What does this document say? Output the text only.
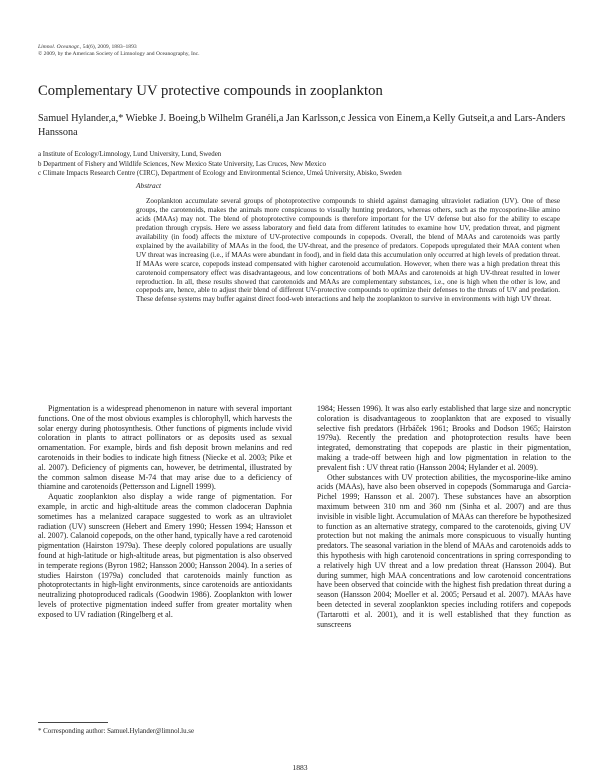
Limnol. Oceanogr., 54(6), 2009, 1883–1893
© 2009, by the American Society of Limnology and Oceanography, Inc.
Complementary UV protective compounds in zooplankton
Samuel Hylander,a,* Wiebke J. Boeing,b Wilhelm Granéli,a Jan Karlsson,c Jessica von Einem,a Kelly Gutseit,a and Lars-Anders Hanssona
a Institute of Ecology/Limnology, Lund University, Lund, Sweden
b Department of Fishery and Wildlife Sciences, New Mexico State University, Las Cruces, New Mexico
c Climate Impacts Research Centre (CIRC), Department of Ecology and Environmental Science, Umeå University, Abisko, Sweden
Abstract

Zooplankton accumulate several groups of photoprotective compounds to shield against damaging ultraviolet radiation (UV). One of these groups, the carotenoids, makes the animals more conspicuous to visually hunting predators, whereas others, such as the mycosporine-like amino acids (MAAs) may not. The blend of photoprotective compounds is therefore important for the UV defense but also for the ability to escape predation through crypsis. Here we assess laboratory and field data from different latitudes to examine how UV, predation threat, and pigment availability (in food) affects the mixture of UV-protective compounds in copepods. Overall, the blend of MAAs and carotenoids was partly explained by the availability of MAAs in the food, the UV-threat, and the presence of predators. Copepods upregulated their MAA content when UV threat was increasing (i.e., if MAAs were abundant in food), and in field data this accumulation only occurred at high levels of predation threat. If MAAs were scarce, copepods instead compensated with higher carotenoid accumulation. However, when there was a high predation threat this carotenoid compensatory effect was disadvantageous, and low concentrations of both MAAs and carotenoids at high UV-threat resulted in lower reproduction. In all, these results showed that carotenoids and MAAs are complementary substances, i.e., one is high when the other is low, and copepods are, hence, able to adjust their blend of different UV-protective compounds to optimize their defenses to the threats of UV and predation. These defense systems may buffer against direct food-web interactions and help the zooplankton to survive in environments with high UV threat.

Pigmentation is a widespread phenomenon in nature with several important functions. One of the most obvious examples is chlorophyll, which harvests the solar energy during photosynthesis. Other functions of pigments include vivid coloration in plants to attract pollinators or as deposits used as sexual ornamentation. For example, birds and fish deposit brown melanins and red carotenoids in their bodies to indicate high fitness (Niecke et al. 2003; Pike et al. 2007). Deficiency of pigments can, however, be detrimental, illustrated by the common salmon disease M-74 that may arise due to a deficiency of thiamine and carotenoids (Pettersson and Lignell 1999).

Aquatic zooplankton also display a wide range of pigmentation. For example, in arctic and high-altitude areas the common cladoceran Daphnia sometimes has a melanized carapace suggested to work as an ultraviolet radiation (UV) sunscreen (Hebert and Emery 1990; Hessen 1994; Hansson et al. 2007). Calanoid copepods, on the other hand, typically have a red carotenoid pigmentation (Hairston 1979a). These deeply colored populations are usually found at high-latitude or high-altitude areas, but pigmentation is also observed in temperate regions (Byron 1982; Hansson 2000; Hansson 2004). In a series of studies Hairston (1979a) concluded that carotenoids mainly function as photoprotectants in high-light environments, since carotenoids are antioxidants neutralizing photoproduced radicals (Goodwin 1986). Zooplankton with lower levels of protective pigmentation indeed suffer from greater mortality when exposed to UV radiation (Ringelberg et al.

1984; Hessen 1996). It was also early established that large size and noncryptic coloration is disadvantageous to zooplankton that are exposed to visually selective fish predators (Hrbáček 1961; Brooks and Dodson 1965; Hairston 1979a). Recently the predation and photoprotection results have been integrated, demonstrating that copepods are plastic in their pigmentation, making a trade-off between high and low pigmentation in relation to the prevalent fish : UV threat ratio (Hansson 2004; Hylander et al. 2009).

Other substances with UV protection abilities, the mycosporine-like amino acids (MAAs), have also been observed in copepods (Sommaruga and Garcia-Pichel 1999; Hansson et al. 2007). These substances have an absorption maximum between 310 nm and 360 nm (Sinha et al. 2007) and are thus invisible in visible light. Accumulation of MAAs can therefore be hypothesized to function as an alternative strategy, compared to the carotenoids, giving UV protection but not making the animals more conspicuous to visually hunting predators. The seasonal variation in the blend of MAAs and carotenoids adds to this hypothesis with high carotenoid concentrations in spring corresponding to a relatively high UV threat and a low predation threat (Hansson 2004). But during summer, high MAA concentrations and low carotenoid concentrations have been observed that coincide with the highest fish predation threat during a season (Hansson 2004; Moeller et al. 2005; Persaud et al. 2007). MAAs have been detected in several zooplankton species including rotifers and copepods (Tartarotti et al. 2001), and it is well established that they function as sunscreens

* Corresponding author: Samuel.Hylander@limnol.lu.se
1883
